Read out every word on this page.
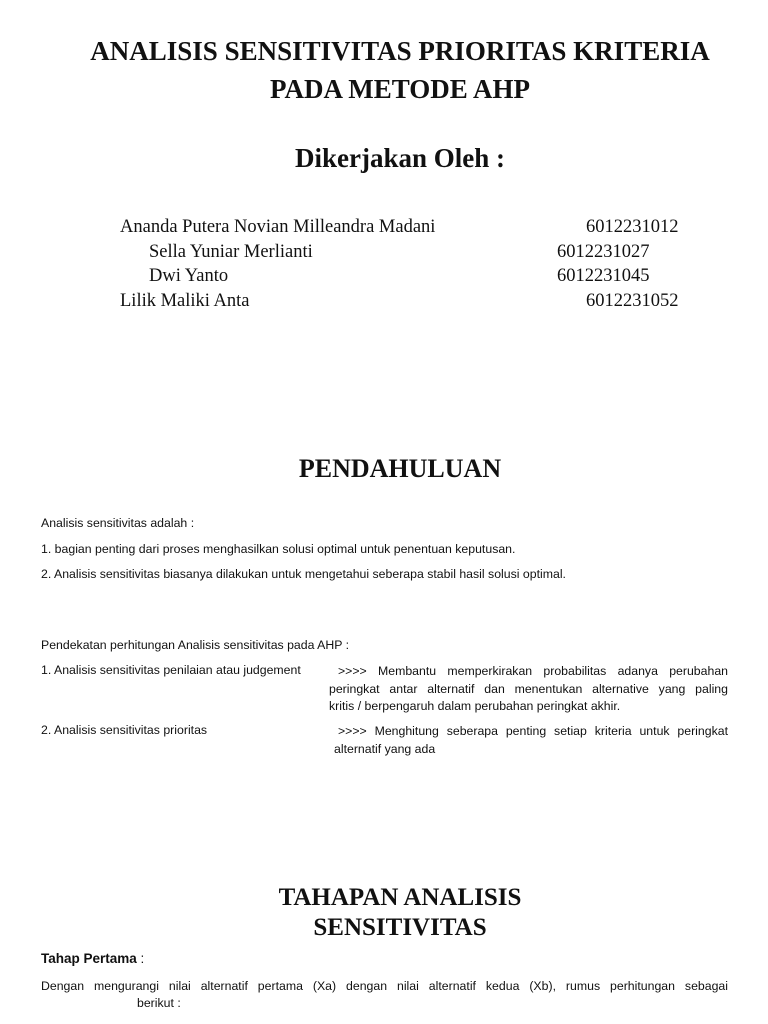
ANALISIS SENSITIVITAS PRIORITAS KRITERIA
PADA METODE AHP
Dikerjakan Oleh :
Ananda Putera Novian Milleandra Madani	6012231012
Sella Yuniar Merlianti	6012231027
Dwi Yanto	6012231045
Lilik Maliki Anta	6012231052
PENDAHULUAN
Analisis sensitivitas adalah :
1. bagian penting dari proses menghasilkan solusi optimal untuk penentuan keputusan.
2. Analisis sensitivitas biasanya dilakukan untuk mengetahui seberapa stabil hasil solusi optimal.
Pendekatan perhitungan Analisis sensitivitas pada AHP :
1. Analisis sensitivitas penilaian atau judgement	>>>> Membantu memperkirakan probabilitas adanya perubahan
peringkat antar alternatif dan menentukan alternative yang paling
kritis / berpengaruh dalam perubahan peringkat akhir.
2. Analisis sensitivitas prioritas	>>>> Menghitung seberapa penting setiap kriteria untuk peringkat
alternatif yang ada
TAHAPAN ANALISIS
SENSITIVITAS
Tahap Pertama :
Dengan mengurangi nilai alternatif pertama (Xa) dengan nilai alternatif kedua (Xb), rumus perhitungan sebagai
berikut :
